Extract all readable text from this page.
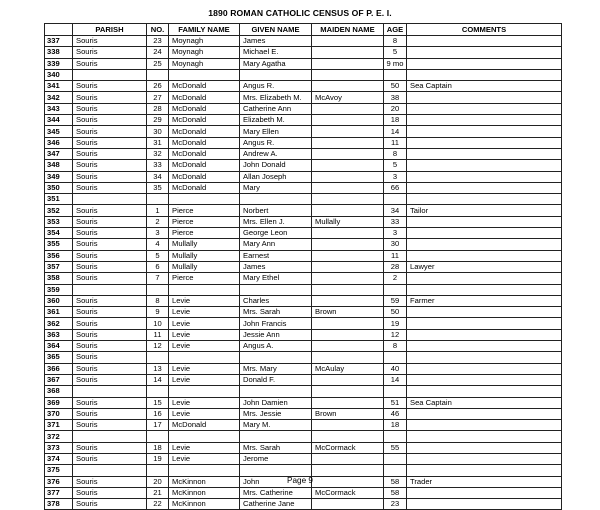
1890 ROMAN CATHOLIC CENSUS OF P. E. I.
	PARISH	NO.	FAMILY NAME	GIVEN NAME	MAIDEN NAME	AGE	COMMENTS
337	Souris	23	Moynagh	James		8	
338	Souris	24	Moynagh	Michael E.		5	
339	Souris	25	Moynagh	Mary Agatha		9 mo	
340							
341	Souris	26	McDonald	Angus R.		50	Sea Captain
342	Souris	27	McDonald	Mrs. Elizabeth M.	McAvoy	38	
343	Souris	28	McDonald	Catherine Ann		20	
344	Souris	29	McDonald	Elizabeth M.		18	
345	Souris	30	McDonald	Mary Ellen		14	
346	Souris	31	McDonald	Angus R.		11	
347	Souris	32	McDonald	Andrew A.		8	
348	Souris	33	McDonald	John Donald		5	
349	Souris	34	McDonald	Allan Joseph		3	
350	Souris	35	McDonald	Mary		66	
351							
352	Souris	1	Pierce	Norbert		34	Tailor
353	Souris	2	Pierce	Mrs. Ellen J.	Mullally	33	
354	Souris	3	Pierce	George Leon		3	
355	Souris	4	Mullally	Mary Ann		30	
356	Souris	5	Mullally	Earnest		11	
357	Souris	6	Mullally	James		28	Lawyer
358	Souris	7	Pierce	Mary Ethel		2	
359							
360	Souris	8	Levie	Charles		59	Farmer
361	Souris	9	Levie	Mrs. Sarah	Brown	50	
362	Souris	10	Levie	John Francis		19	
363	Souris	11	Levie	Jessie Ann		12	
364	Souris	12	Levie	Angus A.		8	
365	Souris						
366	Souris	13	Levie	Mrs. Mary	McAulay	40	
367	Souris	14	Levie	Donald F.		14	
368							
369	Souris	15	Levie	John Damien		51	Sea Captain
370	Souris	16	Levie	Mrs. Jessie	Brown	46	
371	Souris	17	McDonald	Mary M.		18	
372							
373	Souris	18	Levie	Mrs. Sarah	McCormack	55	
374	Souris	19	Levie	Jerome			
375							
376	Souris	20	McKinnon	John		58	Trader
377	Souris	21	McKinnon	Mrs. Catherine	McCormack	58	
378	Souris	22	McKinnon	Catherine Jane		23	
Page 9
